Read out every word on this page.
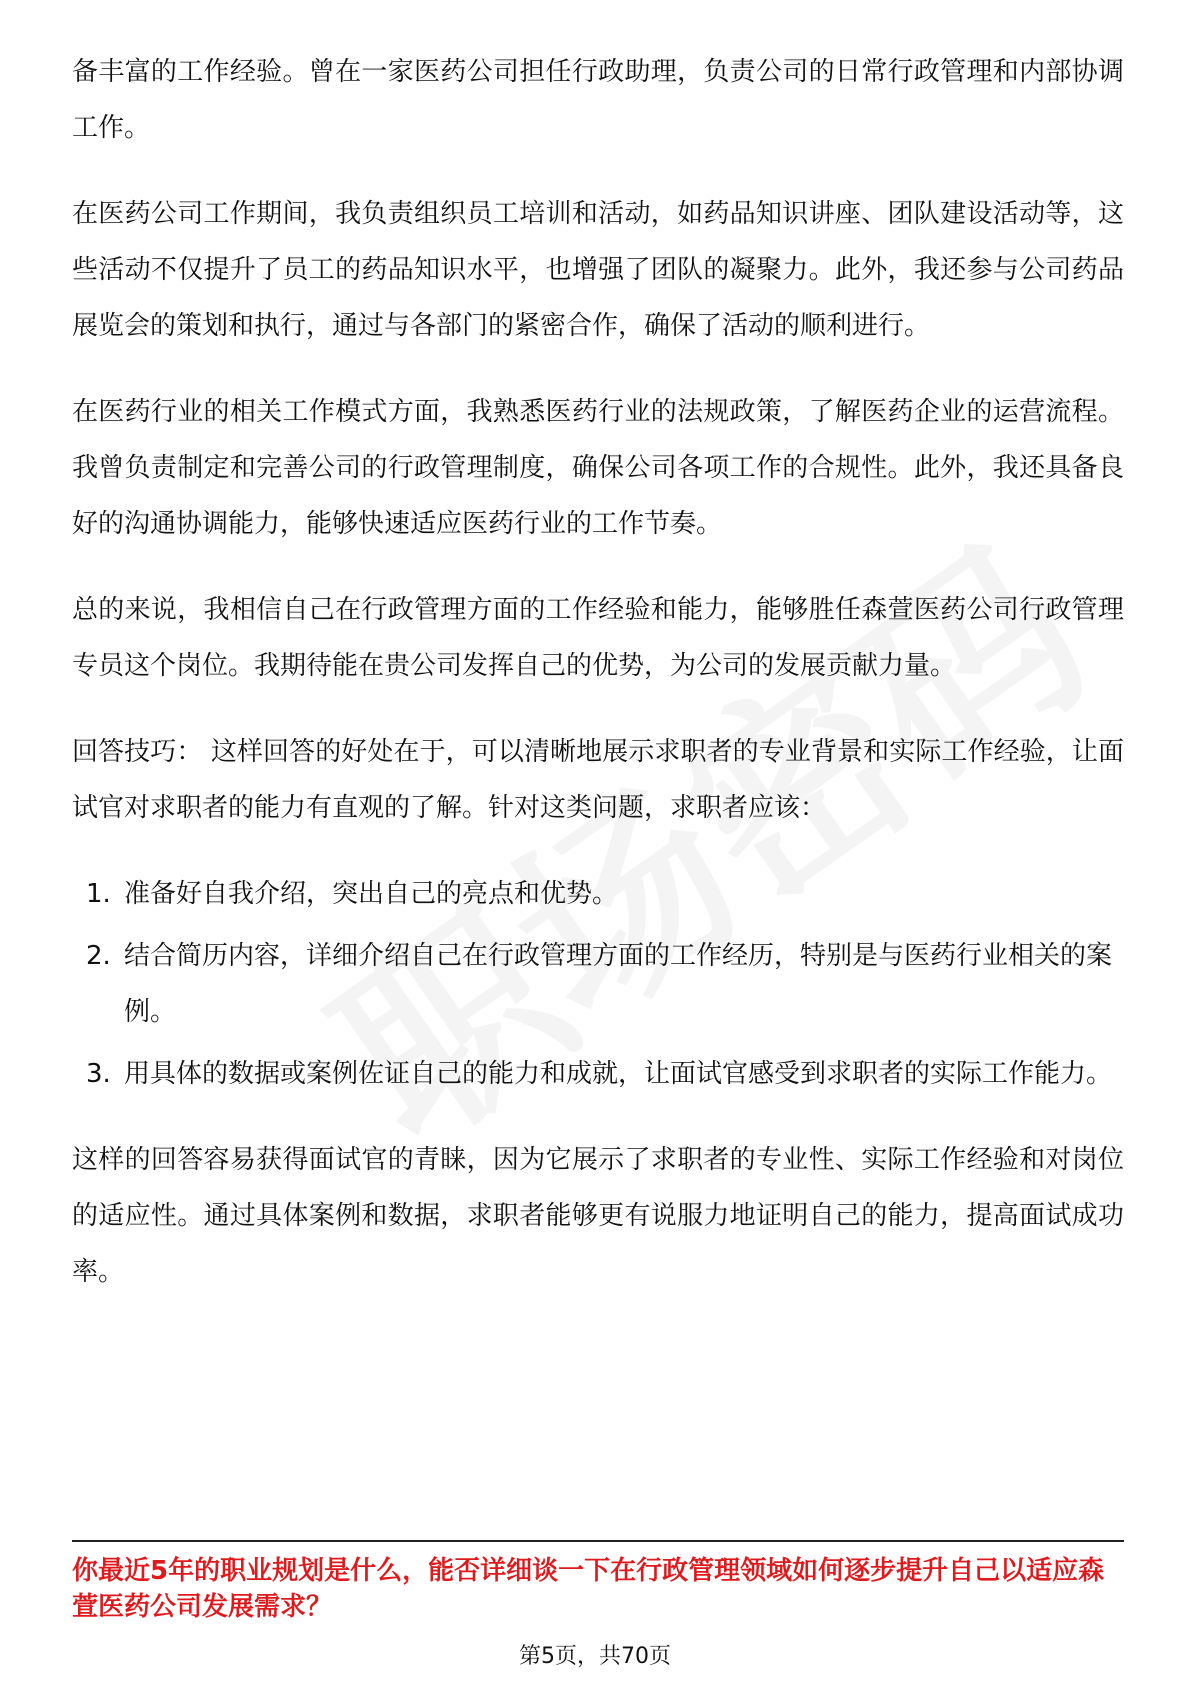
备丰富的工作经验。曾在一家医药公司担任行政助理，负责公司的日常行政管理和内部协调工作。

在医药公司工作期间，我负责组织员工培训和活动，如药品知识讲座、团队建设活动等，这些活动不仅提升了员工的药品知识水平，也增强了团队的凝聚力。此外，我还参与公司药品展览会的策划和执行，通过与各部门的紧密合作，确保了活动的顺利进行。

在医药行业的相关工作模式方面，我熟悉医药行业的法规政策，了解医药企业的运营流程。我曾负责制定和完善公司的行政管理制度，确保公司各项工作的合规性。此外，我还具备良好的沟通协调能力，能够快速适应医药行业的工作节奏。

总的来说，我相信自己在行政管理方面的工作经验和能力，能够胜任森萱医药公司行政管理专员这个岗位。我期待能在贵公司发挥自己的优势，为公司的发展贡献力量。

回答技巧： 这样回答的好处在于，可以清晰地展示求职者的专业背景和实际工作经验，让面试官对求职者的能力有直观的了解。针对这类问题，求职者应该：

1. 准备好自我介绍，突出自己的亮点和优势。
2. 结合简历内容，详细介绍自己在行政管理方面的工作经历，特别是与医药行业相关的案例。
3. 用具体的数据或案例佐证自己的能力和成就，让面试官感受到求职者的实际工作能力。

这样的回答容易获得面试官的青睐，因为它展示了求职者的专业性、实际工作经验和对岗位的适应性。通过具体案例和数据，求职者能够更有说服力地证明自己的能力，提高面试成功率。

你最近5年的职业规划是什么，能否详细谈一下在行政管理领域如何逐步提升自己以适应森萱医药公司发展需求？
第5页，共70页
